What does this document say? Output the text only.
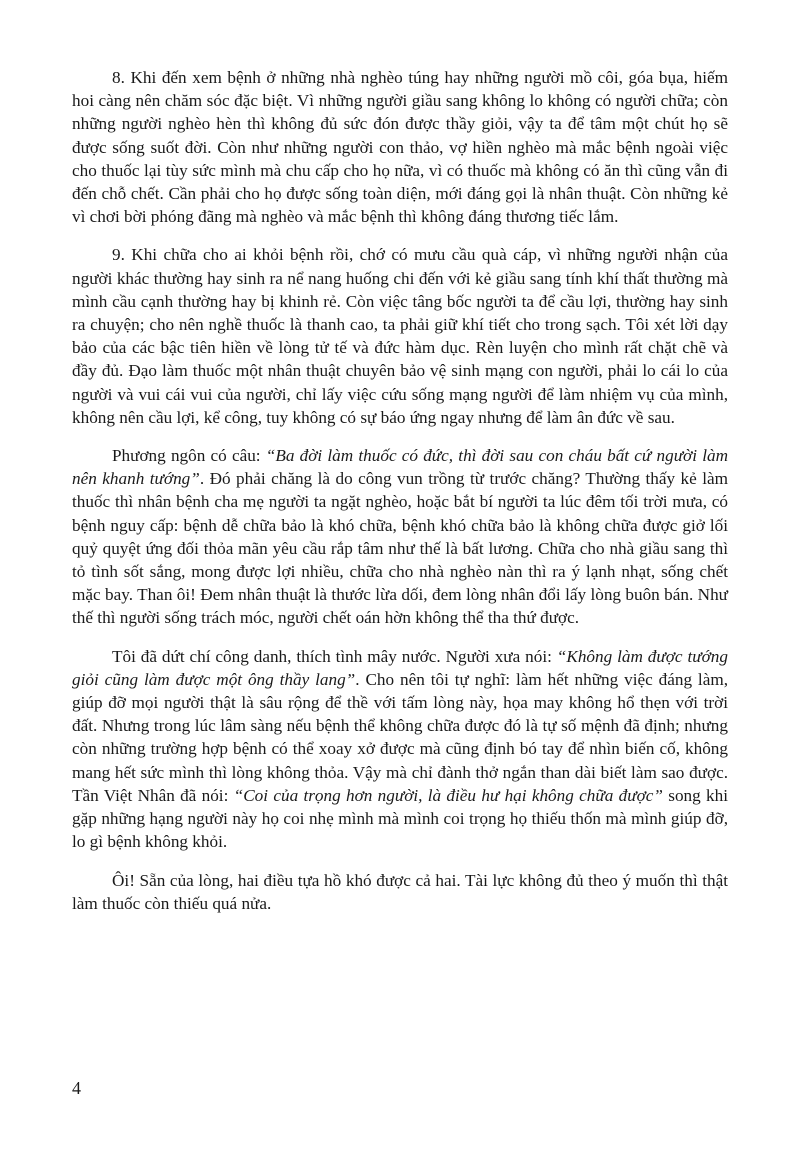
8. Khi đến xem bệnh ở những nhà nghèo túng hay những người mồ côi, góa bụa, hiếm hoi càng nên chăm sóc đặc biệt. Vì những người giầu sang không lo không có người chữa; còn những người nghèo hèn thì không đủ sức đón được thầy giỏi, vậy ta để tâm một chút họ sẽ được sống suốt đời. Còn như những người con thảo, vợ hiền nghèo mà mắc bệnh ngoài việc cho thuốc lại tùy sức mình mà chu cấp cho họ nữa, vì có thuốc mà không có ăn thì cũng vẫn đi đến chỗ chết. Cần phải cho họ được sống toàn diện, mới đáng gọi là nhân thuật. Còn những kẻ vì chơi bời phóng đãng mà nghèo và mắc bệnh thì không đáng thương tiếc lắm.

9. Khi chữa cho ai khỏi bệnh rồi, chớ có mưu cầu quà cáp, vì những người nhận của người khác thường hay sinh ra nể nang huống chi đến với kẻ giầu sang tính khí thất thường mà mình cầu cạnh thường hay bị khinh rẻ. Còn việc tâng bốc người ta để cầu lợi, thường hay sinh ra chuyện; cho nên nghề thuốc là thanh cao, ta phải giữ khí tiết cho trong sạch. Tôi xét lời dạy bảo của các bậc tiên hiền về lòng tử tế và đức hàm dục. Rèn luyện cho mình rất chặt chẽ và đầy đủ. Đạo làm thuốc một nhân thuật chuyên bảo vệ sinh mạng con người, phải lo cái lo của người và vui cái vui của người, chỉ lấy việc cứu sống mạng người để làm nhiệm vụ của mình, không nên cầu lợi, kể công, tuy không có sự báo ứng ngay nhưng để làm ân đức về sau.

Phương ngôn có câu: “Ba đời làm thuốc có đức, thì đời sau con cháu bất cứ người làm nên khanh tướng”. Đó phải chăng là do công vun trồng từ trước chăng? Thường thấy kẻ làm thuốc thì nhân bệnh cha mẹ người ta ngặt nghèo, hoặc bắt bí người ta lúc đêm tối trời mưa, có bệnh nguy cấp: bệnh dễ chữa bảo là khó chữa, bệnh khó chữa bảo là không chữa được giở lối quỷ quyệt ứng đối thỏa mãn yêu cầu rắp tâm như thế là bất lương. Chữa cho nhà giầu sang thì tỏ tình sốt sắng, mong được lợi nhiều, chữa cho nhà nghèo nàn thì ra ý lạnh nhạt, sống chết mặc bay. Than ôi! Đem nhân thuật là thước lừa dối, đem lòng nhân đổi lấy lòng buôn bán. Như thế thì người sống trách móc, người chết oán hờn không thể tha thứ được.

Tôi đã dứt chí công danh, thích tình mây nước. Người xưa nói: “Không làm được tướng giỏi cũng làm được một ông thầy lang”. Cho nên tôi tự nghĩ: làm hết những việc đáng làm, giúp đỡ mọi người thật là sâu rộng để thề với tấm lòng này, họa may không hổ thẹn với trời đất. Nhưng trong lúc lâm sàng nếu bệnh thể không chữa được đó là tự số mệnh đã định; nhưng còn những trường hợp bệnh có thể xoay xở được mà cũng định bó tay để nhìn biến cố, không mang hết sức mình thì lòng không thỏa. Vậy mà chỉ đành thở ngắn than dài biết làm sao được. Tần Việt Nhân đã nói: “Coi của trọng hơn người, là điều hư hại không chữa được” song khi gặp những hạng người này họ coi nhẹ mình mà mình coi trọng họ thiếu thốn mà mình giúp đỡ, lo gì bệnh không khỏi.

Ôi! Sẵn của lòng, hai điều tựa hồ khó được cả hai. Tài lực không đủ theo ý muốn thì thật làm thuốc còn thiếu quá nửa.

4
